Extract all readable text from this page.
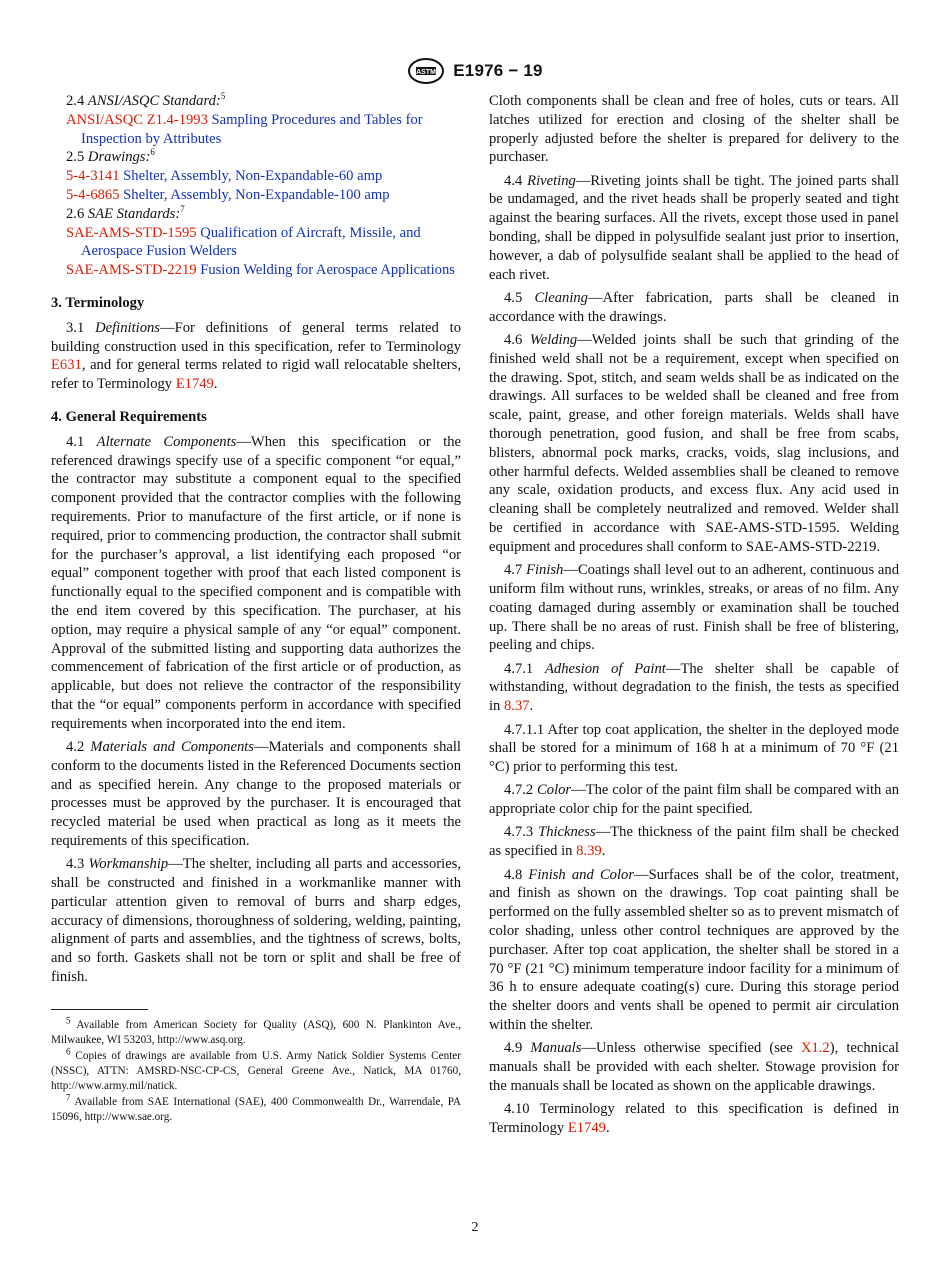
ASTM E1976 − 19
2.4 ANSI/ASQC Standard:$^5$
ANSI/ASQC Z1.4-1993 Sampling Procedures and Tables for Inspection by Attributes
2.5 Drawings:$^6$
5-4-3141 Shelter, Assembly, Non-Expandable-60 amp
5-4-6865 Shelter, Assembly, Non-Expandable-100 amp
2.6 SAE Standards:$^7$
SAE-AMS-STD-1595 Qualification of Aircraft, Missile, and Aerospace Fusion Welders
SAE-AMS-STD-2219 Fusion Welding for Aerospace Applications
3. Terminology

3.1 Definitions—For definitions of general terms related to building construction used in this specification, refer to Terminology E631, and for general terms related to rigid wall relocatable shelters, refer to Terminology E1749.

4. General Requirements

4.1 Alternate Components—When this specification or the referenced drawings specify use of a specific component “or equal,” the contractor may substitute a component equal to the specified component provided that the contractor complies with the following requirements. Prior to manufacture of the first article, or if none is required, prior to commencing production, the contractor shall submit for the purchaser’s approval, a list identifying each proposed “or equal” component together with proof that each listed component is functionally equal to the specified component and is compatible with the end item covered by this specification. The purchaser, at his option, may require a physical sample of any “or equal” component. Approval of the submitted listing and supporting data authorizes the commencement of fabrication of the first article or of production, as applicable, but does not relieve the contractor of the responsibility that the “or equal” components perform in accordance with specified requirements when incorporated into the end item.

4.2 Materials and Components—Materials and components shall conform to the documents listed in the Referenced Documents section and as specified herein. Any change to the proposed materials or processes must be approved by the purchaser. It is encouraged that recycled material be used when practical as long as it meets the requirements of this specification.

4.3 Workmanship—The shelter, including all parts and accessories, shall be constructed and finished in a workmanlike manner with particular attention given to removal of burrs and sharp edges, accuracy of dimensions, thoroughness of soldering, welding, painting, alignment of parts and assemblies, and the tightness of screws, bolts, and so forth. Gaskets shall not be torn or split and shall be free of finish.

$^5$ Available from American Society for Quality (ASQ), 600 N. Plankinton Ave., Milwaukee, WI 53203, http://www.asq.org.
$^6$ Copies of drawings are available from U.S. Army Natick Soldier Systems Center (NSSC), ATTN: AMSRD-NSC-CP-CS, General Greene Ave., Natick, MA 01760, http://www.army.mil/natick.
$^7$ Available from SAE International (SAE), 400 Commonwealth Dr., Warrendale, PA 15096, http://www.sae.org.

Cloth components shall be clean and free of holes, cuts or tears. All latches utilized for erection and closing of the shelter shall be properly adjusted before the shelter is prepared for delivery to the purchaser.

4.4 Riveting—Riveting joints shall be tight. The joined parts shall be undamaged, and the rivet heads shall be properly seated and tight against the bearing surfaces. All the rivets, except those used in panel bonding, shall be dipped in polysulfide sealant just prior to insertion, however, a dab of polysulfide sealant shall be applied to the head of each rivet.

4.5 Cleaning—After fabrication, parts shall be cleaned in accordance with the drawings.

4.6 Welding—Welded joints shall be such that grinding of the finished weld shall not be a requirement, except when specified on the drawing. Spot, stitch, and seam welds shall be as indicated on the drawings. All surfaces to be welded shall be cleaned and free from scale, paint, grease, and other foreign materials. Welds shall have thorough penetration, good fusion, and shall be free from scabs, blisters, abnormal pock marks, cracks, voids, slag inclusions, and other harmful defects. Welded assemblies shall be cleaned to remove any scale, oxidation products, and excess flux. Any acid used in cleaning shall be completely neutralized and removed. Welder shall be certified in accordance with SAE-AMS-STD-1595. Welding equipment and procedures shall conform to SAE-AMS-STD-2219.

4.7 Finish—Coatings shall level out to an adherent, continuous and uniform film without runs, wrinkles, streaks, or areas of no film. Any coating damaged during assembly or examination shall be touched up. There shall be no areas of rust. Finish shall be free of blistering, peeling and chips.

4.7.1 Adhesion of Paint—The shelter shall be capable of withstanding, without degradation to the finish, the tests as specified in 8.37.

4.7.1.1 After top coat application, the shelter in the deployed mode shall be stored for a minimum of 168 h at a minimum of 70 °F (21 °C) prior to performing this test.

4.7.2 Color—The color of the paint film shall be compared with an appropriate color chip for the paint specified.

4.7.3 Thickness—The thickness of the paint film shall be checked as specified in 8.39.

4.8 Finish and Color—Surfaces shall be of the color, treatment, and finish as shown on the drawings. Top coat painting shall be performed on the fully assembled shelter so as to prevent mismatch of color shading, unless other control techniques are approved by the purchaser. After top coat application, the shelter shall be stored in a 70 °F (21 °C) minimum temperature indoor facility for a minimum of 36 h to ensure adequate coating(s) cure. During this storage period the shelter doors and vents shall be opened to permit air circulation within the shelter.

4.9 Manuals—Unless otherwise specified (see X1.2), technical manuals shall be provided with each shelter. Stowage provision for the manuals shall be located as shown on the applicable drawings.

4.10 Terminology related to this specification is defined in Terminology E1749.

2
